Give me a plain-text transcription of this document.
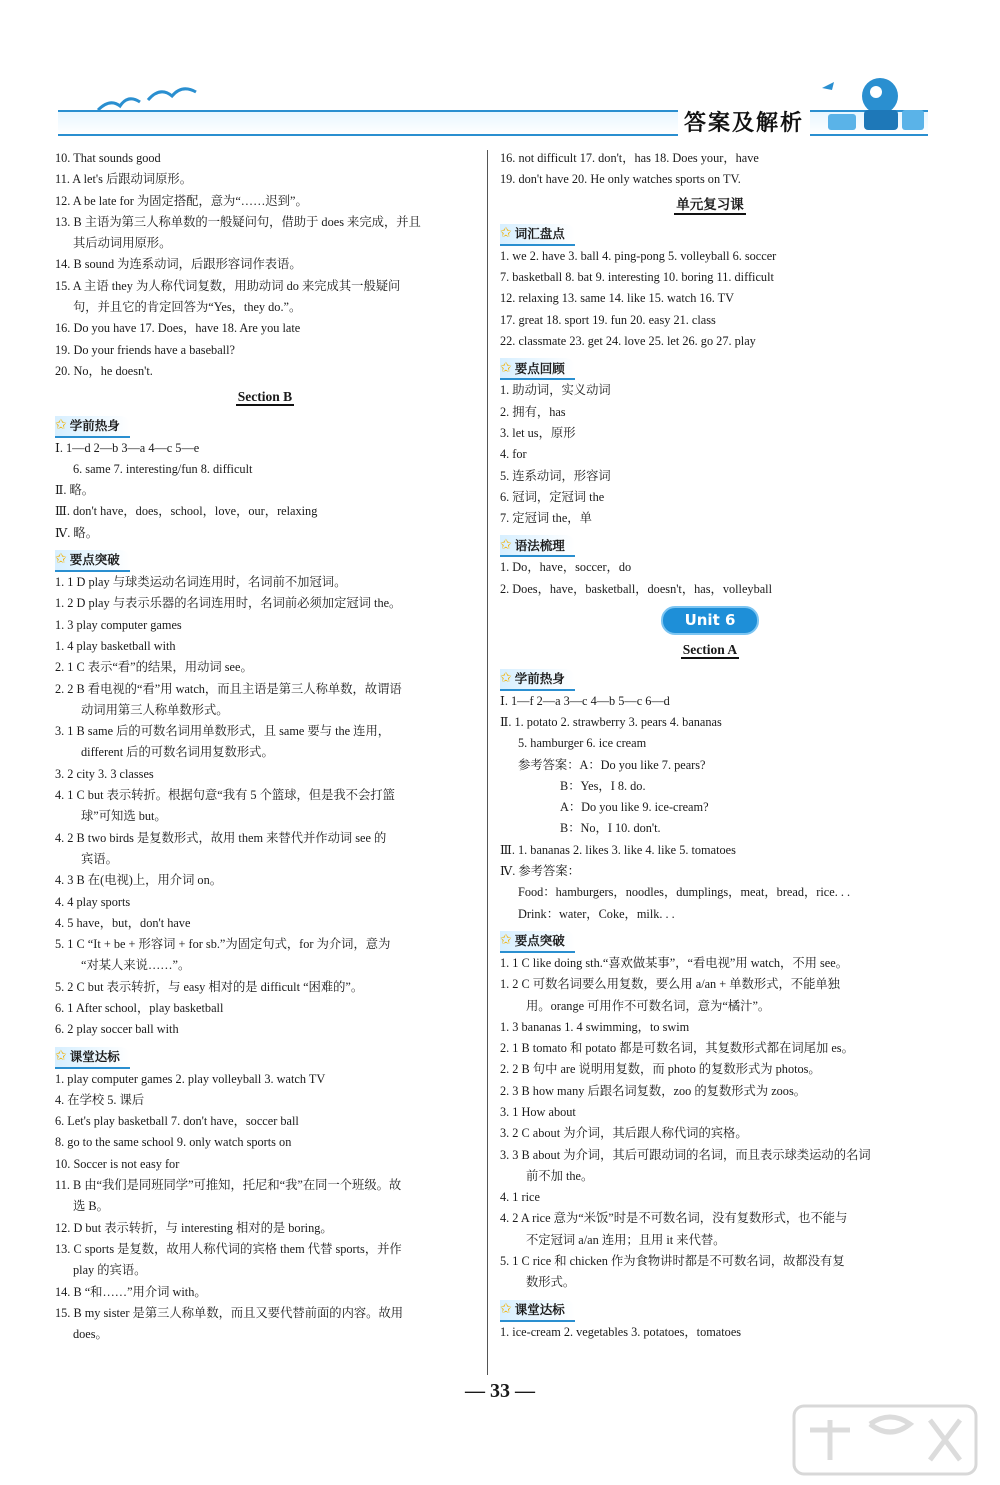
答案及解析
10. That sounds good
11. A let's 后跟动词原形。
12. A be late for 为固定搭配，意为“……迟到”。
13. B 主语为第三人称单数的一般疑问句，借助于 does 来完成，并且
其后动词用原形。
14. B sound 为连系动词，后跟形容词作表语。
15. A 主语 they 为人称代词复数，用助动词 do 来完成其一般疑问
句，并且它的肯定回答为“Yes，they do.”。
16. Do you have 17. Does，have 18. Are you late
19. Do your friends have a baseball?
20. No，he doesn't.
Section B
✩ 学前热身
Ⅰ. 1—d 2—b 3—a 4—c 5—e
6. same 7. interesting/fun 8. difficult
Ⅱ. 略。
Ⅲ. don't have，does，school，love，our，relaxing
Ⅳ. 略。
✩ 要点突破
1. 1 D play 与球类运动名词连用时，名词前不加冠词。
1. 2 D play 与表示乐器的名词连用时，名词前必须加定冠词 the。
1. 3 play computer games
1. 4 play basketball with
2. 1 C 表示“看”的结果，用动词 see。
2. 2 B 看电视的“看”用 watch，而且主语是第三人称单数，故谓语
动词用第三人称单数形式。
3. 1 B same 后的可数名词用单数形式，且 same 要与 the 连用，
different 后的可数名词用复数形式。
3. 2 city 3. 3 classes
4. 1 C but 表示转折。根据句意“我有 5 个篮球，但是我不会打篮
球”可知选 but。
4. 2 B two birds 是复数形式，故用 them 来替代并作动词 see 的
宾语。
4. 3 B 在(电视)上，用介词 on。
4. 4 play sports
4. 5 have，but，don't have
5. 1 C “It + be + 形容词 + for sb.”为固定句式，for 为介词，意为
“对某人来说……”。
5. 2 C but 表示转折，与 easy 相对的是 difficult “困难的”。
6. 1 After school，play basketball
6. 2 play soccer ball with
✩ 课堂达标
1. play computer games 2. play volleyball 3. watch TV
4. 在学校 5. 课后
6. Let's play basketball 7. don't have，soccer ball
8. go to the same school 9. only watch sports on
10. Soccer is not easy for
11. B 由“我们是同班同学”可推知，托尼和“我”在同一个班级。故
选 B。
12. D but 表示转折，与 interesting 相对的是 boring。
13. C sports 是复数，故用人称代词的宾格 them 代替 sports，并作
play 的宾语。
14. B “和……”用介词 with。
15. B my sister 是第三人称单数，而且又要代替前面的内容。故用
does。
16. not difficult 17. don't，has 18. Does your，have
19. don't have 20. He only watches sports on TV.
单元复习课
✩ 词汇盘点
1. we 2. have 3. ball 4. ping-pong 5. volleyball 6. soccer
7. basketball 8. bat 9. interesting 10. boring 11. difficult
12. relaxing 13. same 14. like 15. watch 16. TV
17. great 18. sport 19. fun 20. easy 21. class
22. classmate 23. get 24. love 25. let 26. go 27. play
✩ 要点回顾
1. 助动词，实义动词
2. 拥有，has
3. let us，原形
4. for
5. 连系动词，形容词
6. 冠词，定冠词 the
7. 定冠词 the，单
✩ 语法梳理
1. Do，have，soccer，do
2. Does，have，basketball，doesn't，has，volleyball
Unit 6
Section A
✩ 学前热身
Ⅰ. 1—f 2—a 3—c 4—b 5—c 6—d
Ⅱ. 1. potato 2. strawberry 3. pears 4. bananas
5. hamburger 6. ice cream
参考答案：A：Do you like 7. pears?
B：Yes，I 8. do.
A：Do you like 9. ice-cream?
B：No，I 10. don't.
Ⅲ. 1. bananas 2. likes 3. like 4. like 5. tomatoes
Ⅳ. 参考答案：
Food：hamburgers，noodles，dumplings，meat，bread，rice. . .
Drink：water，Coke，milk. . .
✩ 要点突破
1. 1 C like doing sth.“喜欢做某事”，“看电视”用 watch，不用 see。
1. 2 C 可数名词要么用复数，要么用 a/an + 单数形式，不能单独
用。orange 可用作不可数名词，意为“橘汁”。
1. 3 bananas 1. 4 swimming，to swim
2. 1 B tomato 和 potato 都是可数名词，其复数形式都在词尾加 es。
2. 2 B 句中 are 说明用复数，而 photo 的复数形式为 photos。
2. 3 B how many 后跟名词复数，zoo 的复数形式为 zoos。
3. 1 How about
3. 2 C about 为介词，其后跟人称代词的宾格。
3. 3 B about 为介词，其后可跟动词的名词，而且表示球类运动的名词
前不加 the。
4. 1 rice
4. 2 A rice 意为“米饭”时是不可数名词，没有复数形式，也不能与
不定冠词 a/an 连用；且用 it 来代替。
5. 1 C rice 和 chicken 作为食物讲时都是不可数名词，故都没有复
数形式。
✩ 课堂达标
1. ice-cream 2. vegetables 3. potatoes，tomatoes
— 33 —
